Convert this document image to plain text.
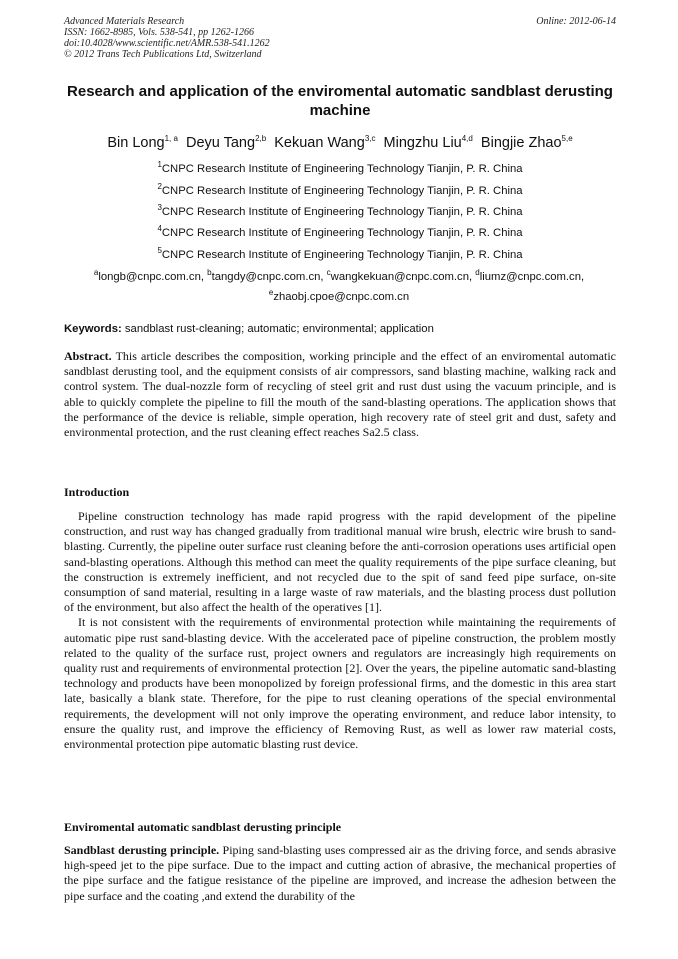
Advanced Materials Research
ISSN: 1662-8985, Vols. 538-541, pp 1262-1266
doi:10.4028/www.scientific.net/AMR.538-541.1262
© 2012 Trans Tech Publications Ltd, Switzerland
Online: 2012-06-14
Research and application of the enviromental automatic sandblast derusting machine
Bin Long$^{1, a}$ Deyu Tang$^{2,b}$ Kekuan Wang$^{3,c}$ Mingzhu Liu$^{4,d}$ Bingjie Zhao$^{5,e}$
$^1$CNPC Research Institute of Engineering Technology Tianjin, P. R. China
$^2$CNPC Research Institute of Engineering Technology Tianjin, P. R. China
$^3$CNPC Research Institute of Engineering Technology Tianjin, P. R. China
$^4$CNPC Research Institute of Engineering Technology Tianjin, P. R. China
$^5$CNPC Research Institute of Engineering Technology Tianjin, P. R. China
$^a$longb@cnpc.com.cn, $^b$tangdy@cnpc.com.cn, $^c$wangkekuan@cnpc.com.cn, $^d$liumz@cnpc.com.cn,
$^e$zhaobj.cpoe@cnpc.com.cn
Keywords: sandblast rust-cleaning; automatic; environmental; application

Abstract. This article describes the composition, working principle and the effect of an enviromental automatic sandblast derusting tool, and the equipment consists of air compressors, sand blasting machine, walking rack and control system. The dual-nozzle form of recycling of steel grit and rust dust using the vacuum principle, and is able to quickly complete the pipeline to fill the mouth of the sand-blasting operations. The application shows that the performance of the device is reliable, simple operation, high recovery rate of steel grit and dust, safety and environmental protection, and the rust cleaning effect reaches Sa2.5 class.

Introduction

Pipeline construction technology has made rapid progress with the rapid development of the pipeline construction, and rust way has changed gradually from traditional manual wire brush, electric wire brush to sand-blasting. Currently, the pipeline outer surface rust cleaning before the anti-corrosion operations uses artificial open sand-blasting operations. Although this method can meet the quality requirements of the pipe surface cleaning, but the construction is extremely inefficient, and not recycled due to the spit of sand feed pipe surface, on-site consumption of sand material, resulting in a large waste of raw materials, and the blasting process dust pollution of the environment, but also affect the health of the operatives [1].

It is not consistent with the requirements of environmental protection while maintaining the requirements of automatic pipe rust sand-blasting device. With the accelerated pace of pipeline construction, the problem mostly related to the quality of the surface rust, project owners and regulators are increasingly high requirements on quality rust and requirements of environmental protection [2]. Over the years, the pipeline automatic sand-blasting technology and products have been monopolized by foreign professional firms, and the domestic in this area start late, basically a blank state. Therefore, for the pipe to rust cleaning operations of the special environmental requirements, the development will not only improve the operating environment, and reduce labor intensity, to ensure the quality rust, and improve the efficiency of Removing Rust, as well as lower raw material costs, environmental protection pipe automatic blasting rust device.

Enviromental automatic sandblast derusting principle

Sandblast derusting principle. Piping sand-blasting uses compressed air as the driving force, and sends abrasive high-speed jet to the pipe surface. Due to the impact and cutting action of abrasive, the mechanical properties of the pipe surface and the fatigue resistance of the pipeline are improved, and increase the adhesion between the pipe surface and the coating ,and extend the durability of the
